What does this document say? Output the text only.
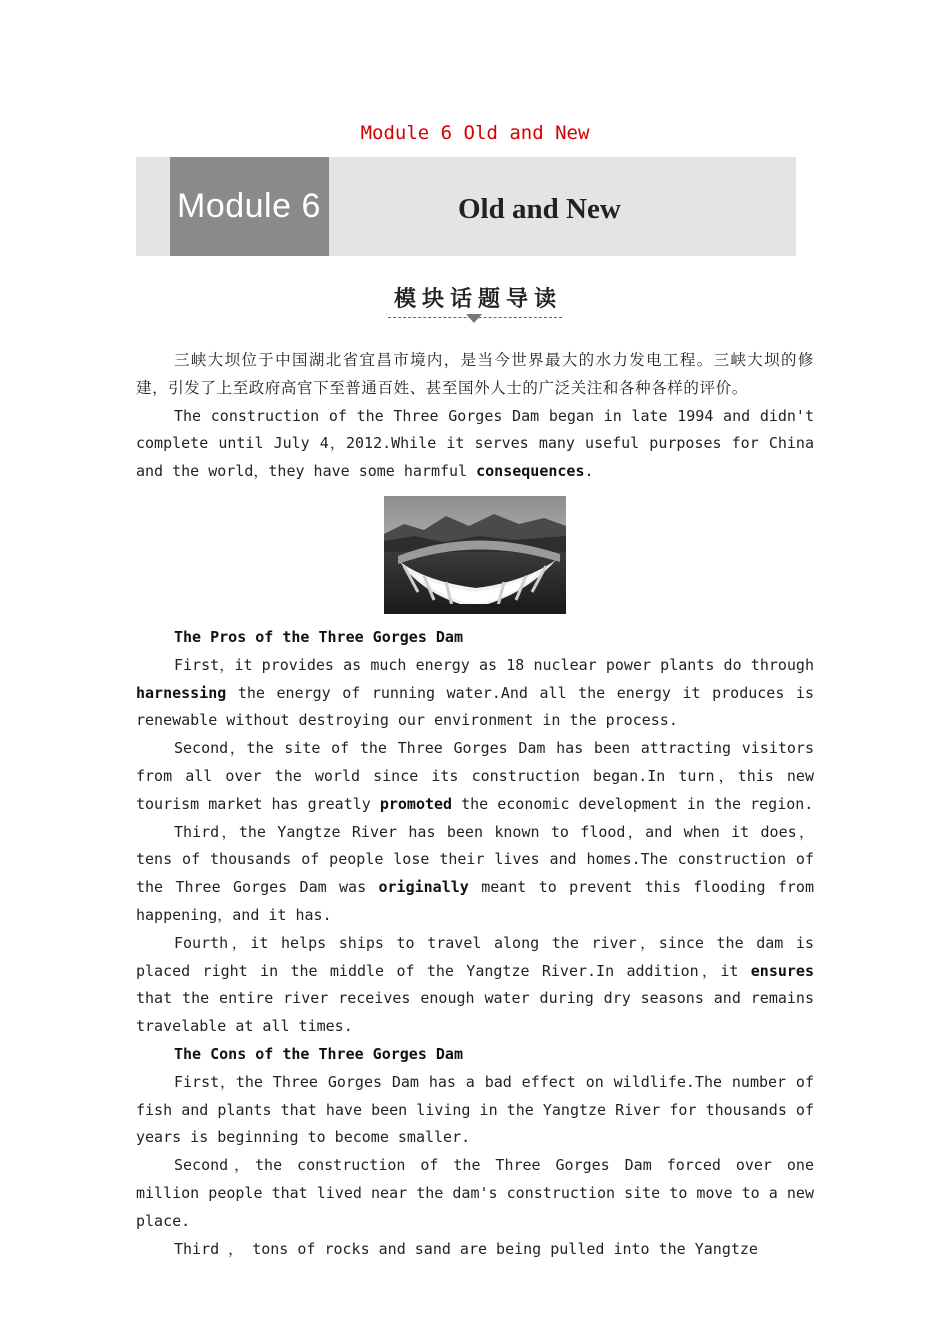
Module 6 Old and New
Module 6	Old and New
模块话题导读

三峡大坝位于中国湖北省宜昌市境内，是当今世界最大的水力发电工程。三峡大坝的修建，引发了上至政府高官下至普通百姓、甚至国外人士的广泛关注和各种各样的评价。

The construction of the Three Gorges Dam began in late 1994 and didn't complete until July 4，2012.While it serves many useful purposes for China and the world，they have some harmful consequences.

The Pros of the Three Gorges Dam

First，it provides as much energy as 18 nuclear power plants do through harnessing the energy of running water.And all the energy it produces is renewable without destroying our environment in the process.

Second，the site of the Three Gorges Dam has been attracting visitors from all over the world since its construction began.In turn，this new tourism market has greatly promoted the economic development in the region.

Third，the Yangtze River has been known to flood，and when it does，tens of thousands of people lose their lives and homes.The construction of the Three Gorges Dam was originally meant to prevent this flooding from happening，and it has.

Fourth，it helps ships to travel along the river，since the dam is placed right in the middle of the Yangtze River.In addition，it ensures that the entire river receives enough water during dry seasons and remains travelable at all times.

The Cons of the Three Gorges Dam

First，the Three Gorges Dam has a bad effect on wildlife.The number of fish and plants that have been living in the Yangtze River for thousands of years is beginning to become smaller.

Second，the construction of the Three Gorges Dam forced over one million people that lived near the dam's construction site to move to a new place.

Third ， tons of rocks and sand are being pulled into the Yangtze
